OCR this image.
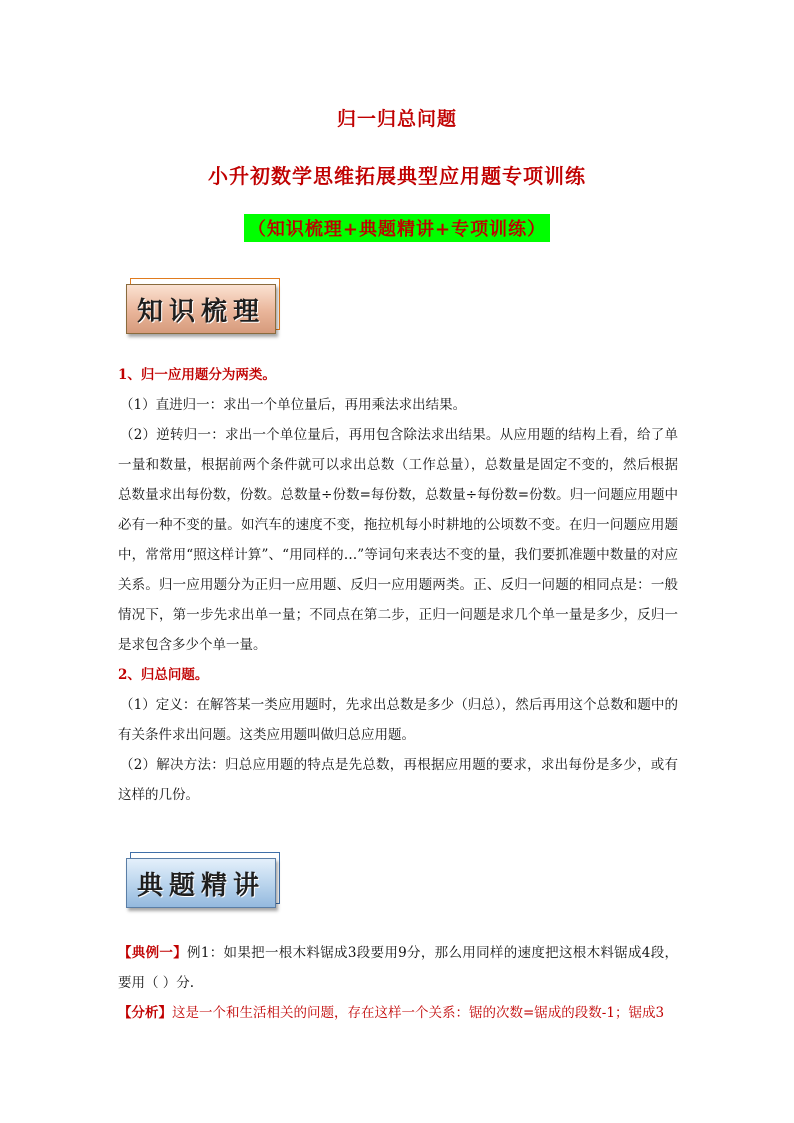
归一归总问题
小升初数学思维拓展典型应用题专项训练
（知识梳理+典题精讲+专项训练）
知识梳理

1、归一应用题分为两类。

（1）直进归一：求出一个单位量后，再用乘法求出结果。

（2）逆转归一：求出一个单位量后，再用包含除法求出结果。从应用题的结构上看，给了单一量和数量，根据前两个条件就可以求出总数（工作总量），总数量是固定不变的，然后根据总数量求出每份数，份数。总数量÷份数=每份数，总数量÷每份数=份数。归一问题应用题中必有一种不变的量。如汽车的速度不变，拖拉机每小时耕地的公顷数不变。在归一问题应用题中，常常用“照这样计算”、“用同样的…”等词句来表达不变的量，我们要抓准题中数量的对应关系。归一应用题分为正归一应用题、反归一应用题两类。正、反归一问题的相同点是：一般情况下，第一步先求出单一量；不同点在第二步，正归一问题是求几个单一量是多少，反归一是求包含多少个单一量。

2、归总问题。

（1）定义：在解答某一类应用题时，先求出总数是多少（归总），然后再用这个总数和题中的有关条件求出问题。这类应用题叫做归总应用题。

（2）解决方法：归总应用题的特点是先总数，再根据应用题的要求，求出每份是多少，或有这样的几份。

典题精讲

【典例一】例1：如果把一根木料锯成3段要用9分，那么用同样的速度把这根木料锯成4段，要用（ ）分.

【分析】这是一个和生活相关的问题，存在这样一个关系：锯的次数=锯成的段数-1；锯成3
